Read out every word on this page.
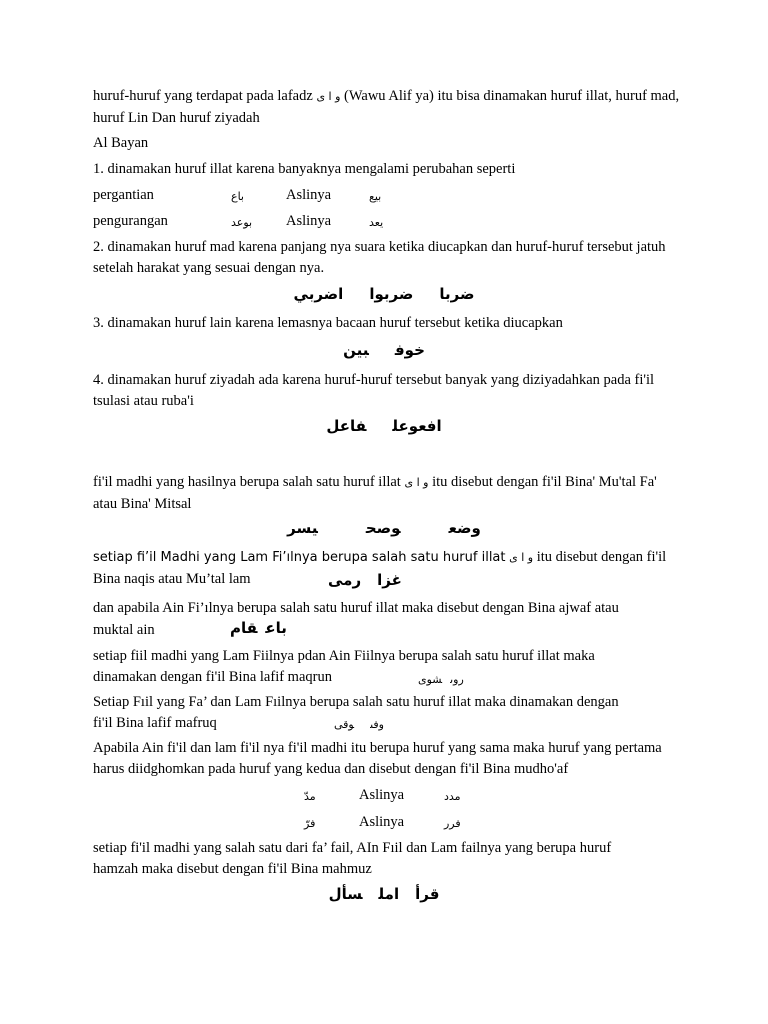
huruf-huruf yang terdapat pada lafadz و ا ى (Wawu Alif ya) itu bisa dinamakan huruf illat, huruf mad, huruf Lin Dan huruf ziyadah

Al Bayan

1. dinamakan huruf illat karena banyaknya mengalami perubahan seperti

pergantian	باع	Aslinya	بيع
pengurangan	بوعد Aslinya	يعد

2. dinamakan huruf mad karena panjang nya suara ketika diucapkan dan huruf-huruf tersebut jatuh setelah harakat yang sesuai dengan nya.

ضرباضربوااضربي

3. dinamakan huruf lain karena lemasnya bacaan huruf tersebut ketika diucapkan

خوفبين

4. dinamakan huruf ziyadah ada karena huruf-huruf tersebut banyak yang diziyadahkan pada fi'il tsulasi atau ruba'i

افعوعلفاعل

fi'il madhi yang hasilnya berupa salah satu huruf illat و ا ى itu disebut dengan fi'il Bina' Mu'tal Fa' atau Bina' Mitsal

وضعوصحيسر

setiap fi’il Madhi yang Lam Fi’ılnya berupa salah satu huruf illat و ا ى itu disebut dengan fi'il Bina naqis atau Mu’tal lam	غزارمى

dan apabila Ain Fi’ılnya berupa salah satu huruf illat maka disebut dengan Bina ajwaf atau

muktal ain	باعقام

setiap fiil madhi yang Lam Fiilnya pdan Ain Fiilnya berupa salah satu huruf illat maka

dinamakan dengan fi'il Bina lafif maqrun	روىشوى

Setiap Fıil yang Fa’ dan Lam Fıilnya berupa salah satu huruf illat maka dinamakan dengan

fi'il Bina lafif mafruq	وفىوقى

Apabila Ain fi'il dan lam fi'il nya fi'il madhi itu berupa huruf yang sama maka huruf yang pertama harus diidghomkan pada huruf yang kedua dan disebut dengan fi'il Bina mudho'af

مدّ	Aslinya	مدد
فرّ	Aslinya	فرر

setiap fi'il madhi yang salah satu dari fa’ fail, AIn Fıil dan Lam failnya yang berupa huruf

hamzah maka disebut dengan fi'il Bina mahmuz
قرأاملسأل
